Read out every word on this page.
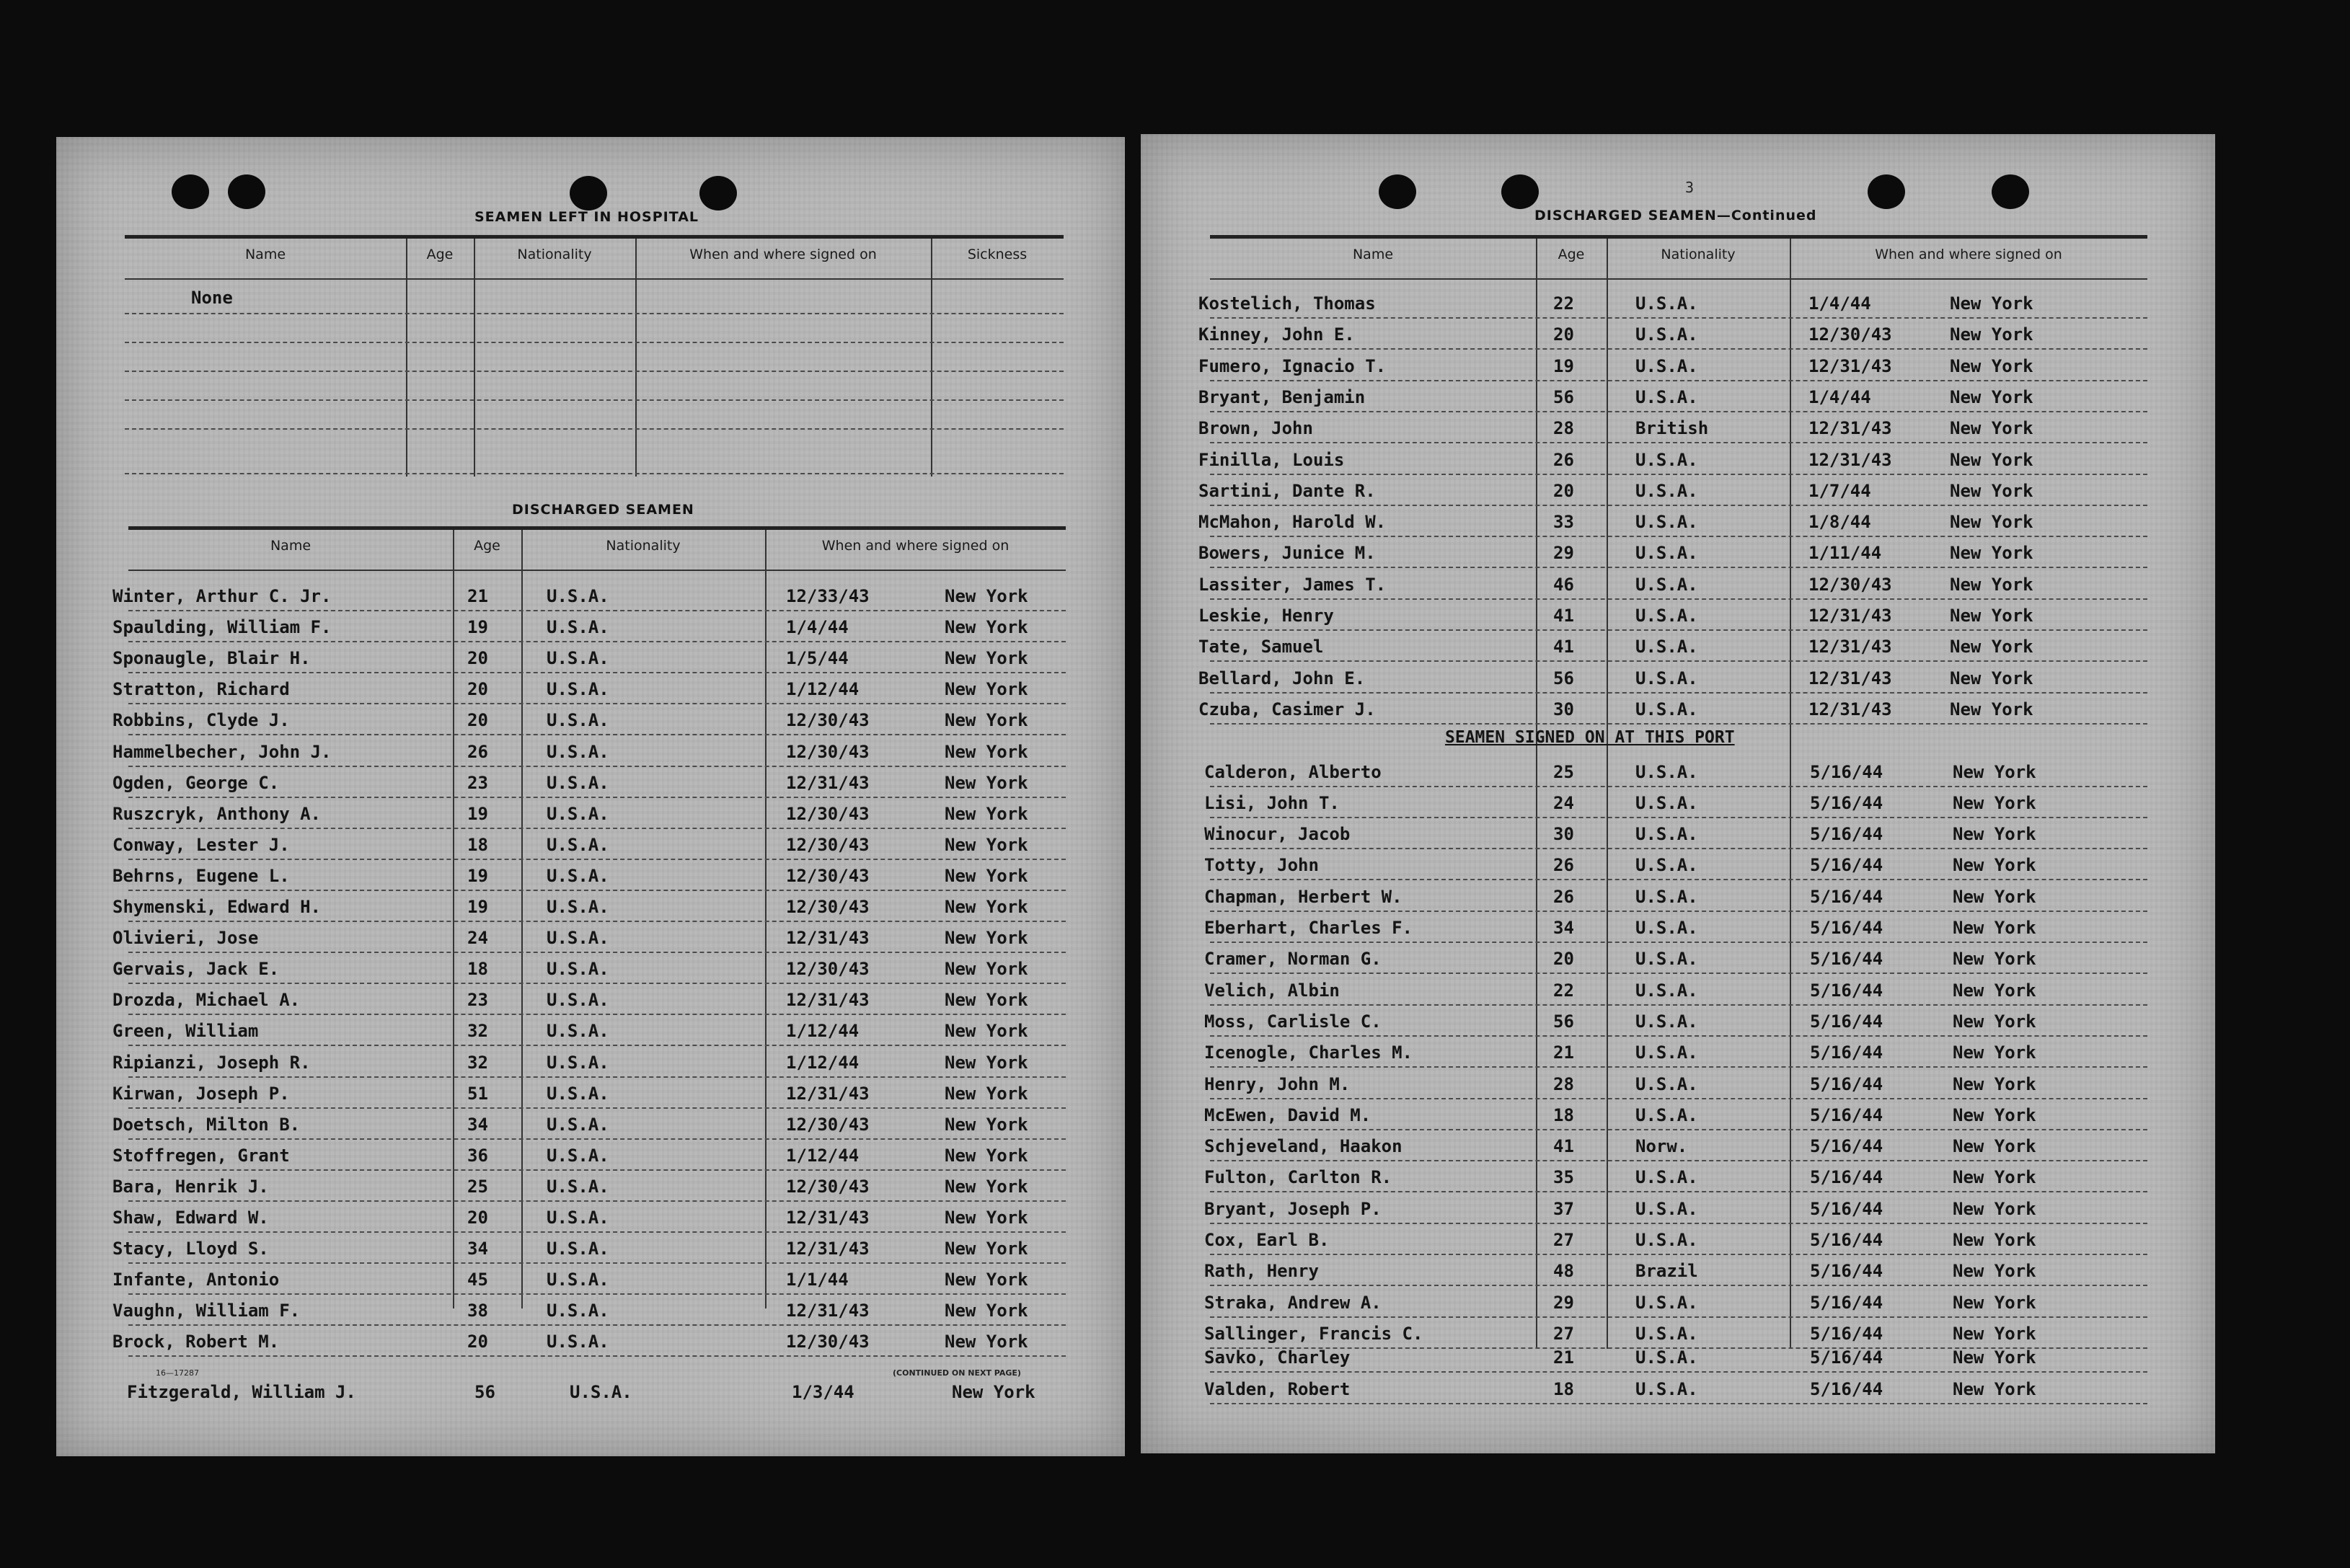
SEAMEN LEFT IN HOSPITAL
Name	Age	Nationality	When and where signed on	Sickness
None
DISCHARGED SEAMEN
Name	Age	Nationality	When and where signed on
Winter, Arthur C. Jr.	21	U.S.A.	12/33/43	New York
Spaulding, William F.	19	U.S.A.	1/4/44	New York
Sponaugle, Blair H.	20	U.S.A.	1/5/44	New York
Stratton, Richard	20	U.S.A.	1/12/44	New York
Robbins, Clyde J.	20	U.S.A.	12/30/43	New York
Hammelbecher, John J.	26	U.S.A.	12/30/43	New York
Ogden, George C.	23	U.S.A.	12/31/43	New York
Ruszcryk, Anthony A.	19	U.S.A.	12/30/43	New York
Conway, Lester J.	18	U.S.A.	12/30/43	New York
Behrns, Eugene L.	19	U.S.A.	12/30/43	New York
Shymenski, Edward H.	19	U.S.A.	12/30/43	New York
Olivieri, Jose	24	U.S.A.	12/31/43	New York
Gervais, Jack E.	18	U.S.A.	12/30/43	New York
Drozda, Michael A.	23	U.S.A.	12/31/43	New York
Green, William	32	U.S.A.	1/12/44	New York
Ripianzi, Joseph R.	32	U.S.A.	1/12/44	New York
Kirwan, Joseph P.	51	U.S.A.	12/31/43	New York
Doetsch, Milton B.	34	U.S.A.	12/30/43	New York
Stoffregen, Grant	36	U.S.A.	1/12/44	New York
Bara, Henrik J.	25	U.S.A.	12/30/43	New York
Shaw, Edward W.	20	U.S.A.	12/31/43	New York
Stacy, Lloyd S.	34	U.S.A.	12/31/43	New York
Infante, Antonio	45	U.S.A.	1/1/44	New York
Vaughn, William F.	38	U.S.A.	12/31/43	New York
Brock, Robert M.	20	U.S.A.	12/30/43	New York
16—17287	(CONTINUED ON NEXT PAGE)
Fitzgerald, William J.	56	U.S.A.	1/3/44	New York
3
DISCHARGED SEAMEN—Continued
Name	Age	Nationality	When and where signed on
Kostelich, Thomas	22	U.S.A.	1/4/44	New York
Kinney, John E.	20	U.S.A.	12/30/43	New York
Fumero, Ignacio T.	19	U.S.A.	12/31/43	New York
Bryant, Benjamin	56	U.S.A.	1/4/44	New York
Brown, John	28	British	12/31/43	New York
Finilla, Louis	26	U.S.A.	12/31/43	New York
Sartini, Dante R.	20	U.S.A.	1/7/44	New York
McMahon, Harold W.	33	U.S.A.	1/8/44	New York
Bowers, Junice M.	29	U.S.A.	1/11/44	New York
Lassiter, James T.	46	U.S.A.	12/30/43	New York
Leskie, Henry	41	U.S.A.	12/31/43	New York
Tate, Samuel	41	U.S.A.	12/31/43	New York
Bellard, John E.	56	U.S.A.	12/31/43	New York
Czuba, Casimer J.	30	U.S.A.	12/31/43	New York
SEAMEN SIGNED ON AT THIS PORT
Calderon, Alberto	25	U.S.A.	5/16/44	New York
Lisi, John T.	24	U.S.A.	5/16/44	New York
Winocur, Jacob	30	U.S.A.	5/16/44	New York
Totty, John	26	U.S.A.	5/16/44	New York
Chapman, Herbert W.	26	U.S.A.	5/16/44	New York
Eberhart, Charles F.	34	U.S.A.	5/16/44	New York
Cramer, Norman G.	20	U.S.A.	5/16/44	New York
Velich, Albin	22	U.S.A.	5/16/44	New York
Moss, Carlisle C.	56	U.S.A.	5/16/44	New York
Icenogle, Charles M.	21	U.S.A.	5/16/44	New York
Henry, John M.	28	U.S.A.	5/16/44	New York
McEwen, David M.	18	U.S.A.	5/16/44	New York
Schjeveland, Haakon	41	Norw.	5/16/44	New York
Fulton, Carlton R.	35	U.S.A.	5/16/44	New York
Bryant, Joseph P.	37	U.S.A.	5/16/44	New York
Cox, Earl B.	27	U.S.A.	5/16/44	New York
Rath, Henry	48	Brazil	5/16/44	New York
Straka, Andrew A.	29	U.S.A.	5/16/44	New York
Sallinger, Francis C.	27	U.S.A.	5/16/44	New York
Savko, Charley	21	U.S.A.	5/16/44	New York
Valden, Robert	18	U.S.A.	5/16/44	New York
